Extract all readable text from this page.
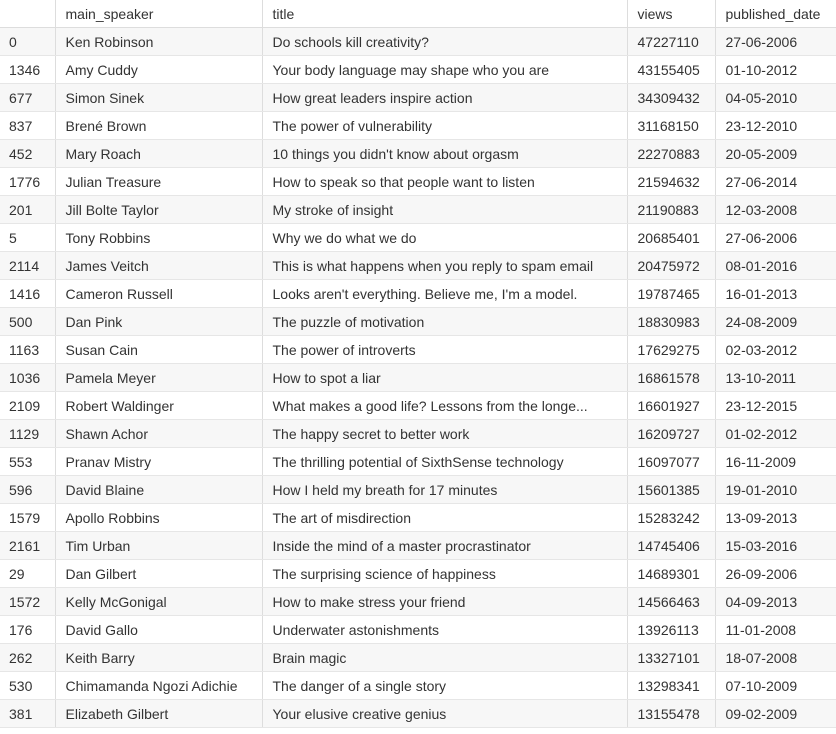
	main_speaker	title	views	published_date
0	Ken Robinson	Do schools kill creativity?	47227110	27-06-2006
1346	Amy Cuddy	Your body language may shape who you are	43155405	01-10-2012
677	Simon Sinek	How great leaders inspire action	34309432	04-05-2010
837	Brené Brown	The power of vulnerability	31168150	23-12-2010
452	Mary Roach	10 things you didn't know about orgasm	22270883	20-05-2009
1776	Julian Treasure	How to speak so that people want to listen	21594632	27-06-2014
201	Jill Bolte Taylor	My stroke of insight	21190883	12-03-2008
5	Tony Robbins	Why we do what we do	20685401	27-06-2006
2114	James Veitch	This is what happens when you reply to spam email	20475972	08-01-2016
1416	Cameron Russell	Looks aren't everything. Believe me, I'm a model.	19787465	16-01-2013
500	Dan Pink	The puzzle of motivation	18830983	24-08-2009
1163	Susan Cain	The power of introverts	17629275	02-03-2012
1036	Pamela Meyer	How to spot a liar	16861578	13-10-2011
2109	Robert Waldinger	What makes a good life? Lessons from the longe...	16601927	23-12-2015
1129	Shawn Achor	The happy secret to better work	16209727	01-02-2012
553	Pranav Mistry	The thrilling potential of SixthSense technology	16097077	16-11-2009
596	David Blaine	How I held my breath for 17 minutes	15601385	19-01-2010
1579	Apollo Robbins	The art of misdirection	15283242	13-09-2013
2161	Tim Urban	Inside the mind of a master procrastinator	14745406	15-03-2016
29	Dan Gilbert	The surprising science of happiness	14689301	26-09-2006
1572	Kelly McGonigal	How to make stress your friend	14566463	04-09-2013
176	David Gallo	Underwater astonishments	13926113	11-01-2008
262	Keith Barry	Brain magic	13327101	18-07-2008
530	Chimamanda Ngozi Adichie	The danger of a single story	13298341	07-10-2009
381	Elizabeth Gilbert	Your elusive creative genius	13155478	09-02-2009
